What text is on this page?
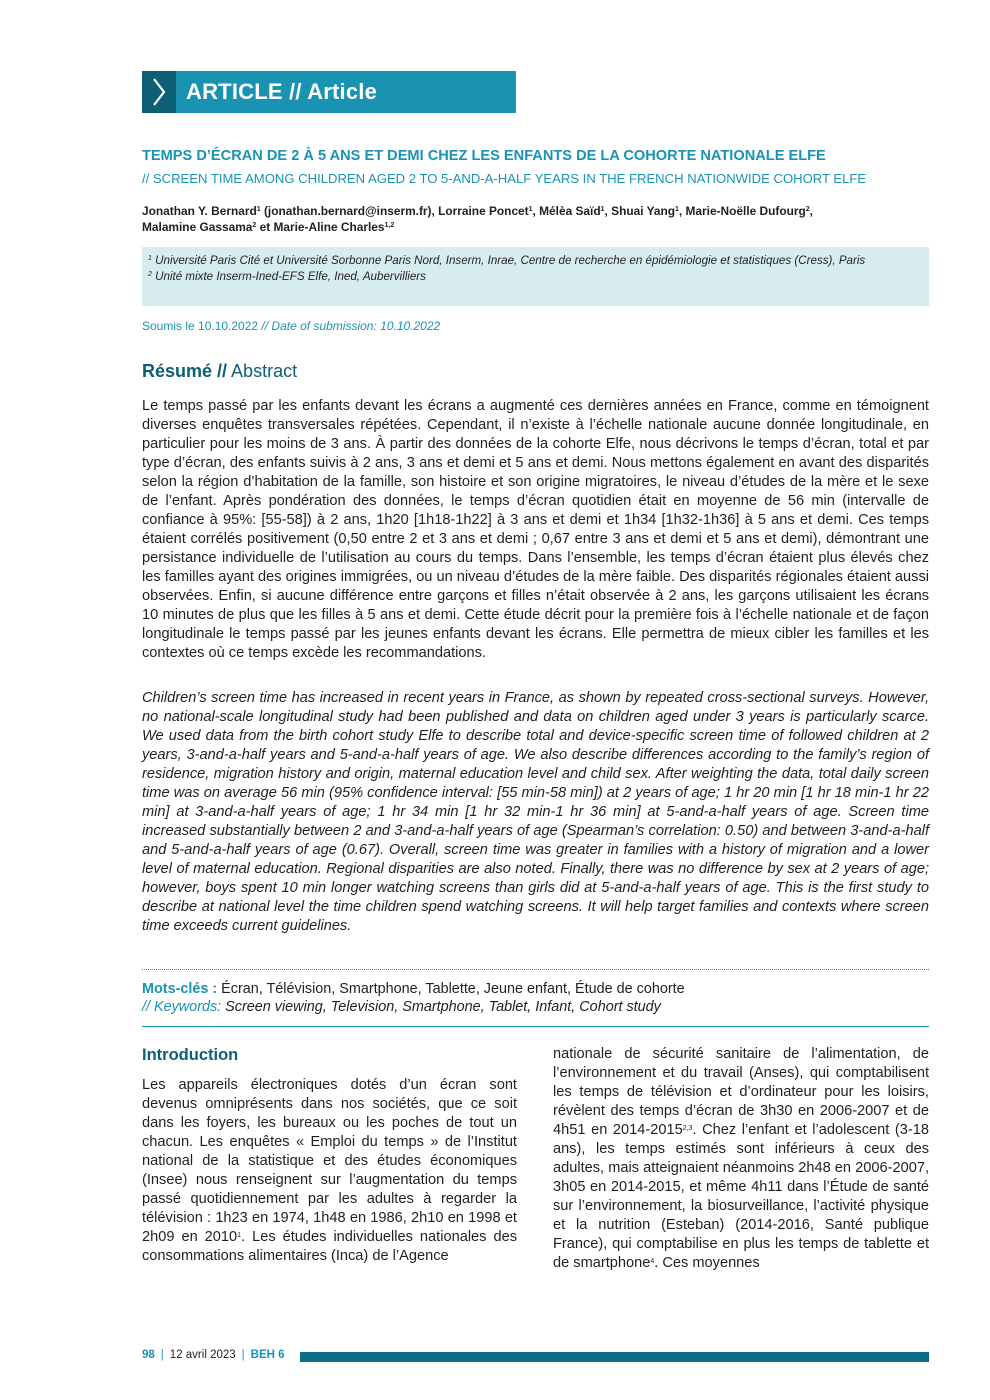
ARTICLE // Article
TEMPS D’ÉCRAN DE 2 À 5 ANS ET DEMI CHEZ LES ENFANTS DE LA COHORTE NATIONALE ELFE
// SCREEN TIME AMONG CHILDREN AGED 2 TO 5-AND-A-HALF YEARS IN THE FRENCH NATIONWIDE COHORT ELFE
Jonathan Y. Bernard$^1$ (jonathan.bernard@inserm.fr), Lorraine Poncet$^1$, Mélèa Saïd$^1$, Shuai Yang$^1$, Marie-Noëlle Dufourg$^2$,
Malamine Gassama$^2$ et Marie-Aline Charles$^{1,2}$
$^1$ Université Paris Cité et Université Sorbonne Paris Nord, Inserm, Inrae, Centre de recherche en épidémiologie et statistiques (Cress), Paris
$^2$ Unité mixte Inserm-Ined-EFS Elfe, Ined, Aubervilliers
Soumis le 10.10.2022 // Date of submission: 10.10.2022
Résumé // Abstract

Le temps passé par les enfants devant les écrans a augmenté ces dernières années en France, comme en témoignent diverses enquêtes transversales répétées. Cependant, il n’existe à l’échelle nationale aucune donnée longitudinale, en particulier pour les moins de 3 ans. À partir des données de la cohorte Elfe, nous décrivons le temps d’écran, total et par type d’écran, des enfants suivis à 2 ans, 3 ans et demi et 5 ans et demi. Nous mettons également en avant des disparités selon la région d’habitation de la famille, son histoire et son origine migratoires, le niveau d’études de la mère et le sexe de l’enfant. Après pondération des données, le temps d’écran quotidien était en moyenne de 56 min (intervalle de confiance à 95%: [55-58]) à 2 ans, 1h20 [1h18-1h22] à 3 ans et demi et 1h34 [1h32-1h36] à 5 ans et demi. Ces temps étaient corrélés positivement (0,50 entre 2 et 3 ans et demi ; 0,67 entre 3 ans et demi et 5 ans et demi), démontrant une persistance individuelle de l’utilisation au cours du temps. Dans l’ensemble, les temps d’écran étaient plus élevés chez les familles ayant des origines immigrées, ou un niveau d’études de la mère faible. Des disparités régionales étaient aussi observées. Enfin, si aucune différence entre garçons et filles n’était observée à 2 ans, les garçons utilisaient les écrans 10 minutes de plus que les filles à 5 ans et demi. Cette étude décrit pour la première fois à l’échelle nationale et de façon longitudinale le temps passé par les jeunes enfants devant les écrans. Elle permettra de mieux cibler les familles et les contextes où ce temps excède les recommandations.

Children’s screen time has increased in recent years in France, as shown by repeated cross-sectional surveys. However, no national-scale longitudinal study had been published and data on children aged under 3 years is particularly scarce. We used data from the birth cohort study Elfe to describe total and device-specific screen time of followed children at 2 years, 3-and-a-half years and 5-and-a-half years of age. We also describe differences according to the family’s region of residence, migration history and origin, maternal education level and child sex. After weighting the data, total daily screen time was on average 56 min (95% confidence interval: [55 min-58 min]) at 2 years of age; 1 hr 20 min [1 hr 18 min-1 hr 22 min] at 3-and-a-half years of age; 1 hr 34 min [1 hr 32 min-1 hr 36 min] at 5-and-a-half years of age. Screen time increased substantially between 2 and 3-and-a-half years of age (Spearman’s correlation: 0.50) and between 3-and-a-half and 5-and-a-half years of age (0.67). Overall, screen time was greater in families with a history of migration and a lower level of maternal education. Regional disparities are also noted. Finally, there was no difference by sex at 2 years of age; however, boys spent 10 min longer watching screens than girls did at 5-and-a-half years of age. This is the first study to describe at national level the time children spend watching screens. It will help target families and contexts where screen time exceeds current guidelines.

Mots-clés : Écran, Télévision, Smartphone, Tablette, Jeune enfant, Étude de cohorte
// Keywords: Screen viewing, Television, Smartphone, Tablet, Infant, Cohort study
Introduction

Les appareils électroniques dotés d’un écran sont devenus omniprésents dans nos sociétés, que ce soit dans les foyers, les bureaux ou les poches de tout un chacun. Les enquêtes « Emploi du temps » de l’Institut national de la statistique et des études économiques (Insee) nous renseignent sur l’augmentation du temps passé quotidiennement par les adultes à regarder la télévision : 1h23 en 1974, 1h48 en 1986, 2h10 en 1998 et 2h09 en 2010$^1$. Les études individuelles nationales des consommations alimentaires (Inca) de l’Agence

nationale de sécurité sanitaire de l’alimentation, de l’environnement et du travail (Anses), qui comptabilisent les temps de télévision et d’ordinateur pour les loisirs, révèlent des temps d’écran de 3h30 en 2006-2007 et de 4h51 en 2014-2015$^{2,3}$. Chez l’enfant et l’adolescent (3-18 ans), les temps estimés sont inférieurs à ceux des adultes, mais atteignaient néanmoins 2h48 en 2006-2007, 3h05 en 2014-2015, et même 4h11 dans l’Étude de santé sur l’environnement, la biosurveillance, l’activité physique et la nutrition (Esteban) (2014-2016, Santé publique France), qui comptabilise en plus les temps de tablette et de smartphone$^4$. Ces moyennes

98 | 12 avril 2023 | BEH 6
